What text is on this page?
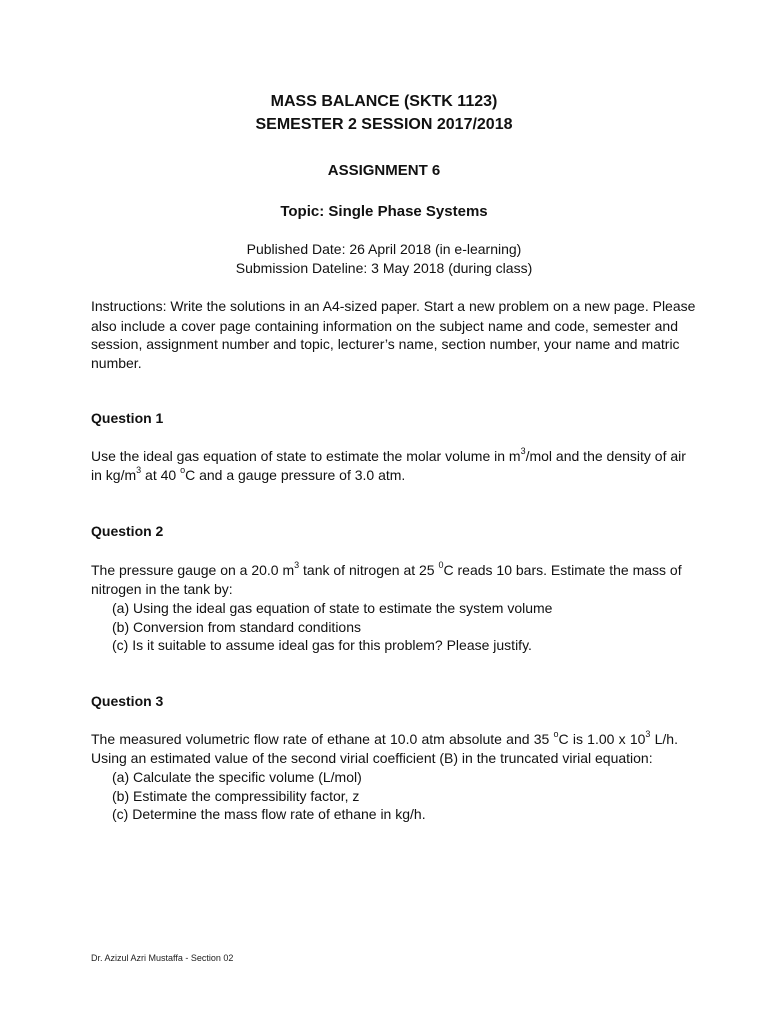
MASS BALANCE (SKTK 1123)
SEMESTER 2 SESSION 2017/2018
ASSIGNMENT 6
Topic: Single Phase Systems
Published Date: 26 April 2018 (in e-learning)
Submission Dateline: 3 May 2018 (during class)
Instructions: Write the solutions in an A4-sized paper. Start a new problem on a new page. Please
also include a cover page containing information on the subject name and code, semester and
session, assignment number and topic, lecturer’s name, section number, your name and matric
number.
Question 1
Use the ideal gas equation of state to estimate the molar volume in $m^3$/mol and the density of air
in $kg/m^3$ at 40 $^o$C and a gauge pressure of 3.0 atm.
Question 2
The pressure gauge on a 20.0 $m^3$ tank of nitrogen at 25 $^0$C reads 10 bars. Estimate the mass of
nitrogen in the tank by:
(a) Using the ideal gas equation of state to estimate the system volume
(b) Conversion from standard conditions
(c) Is it suitable to assume ideal gas for this problem? Please justify.
Question 3
The measured volumetric flow rate of ethane at 10.0 atm absolute and 35 $^o$C is 1.00 x $10^3$ L/h.
Using an estimated value of the second virial coefficient (B) in the truncated virial equation:
(a) Calculate the specific volume (L/mol)
(b) Estimate the compressibility factor, z
(c) Determine the mass flow rate of ethane in kg/h.
Dr. Azizul Azri Mustaffa - Section 02
